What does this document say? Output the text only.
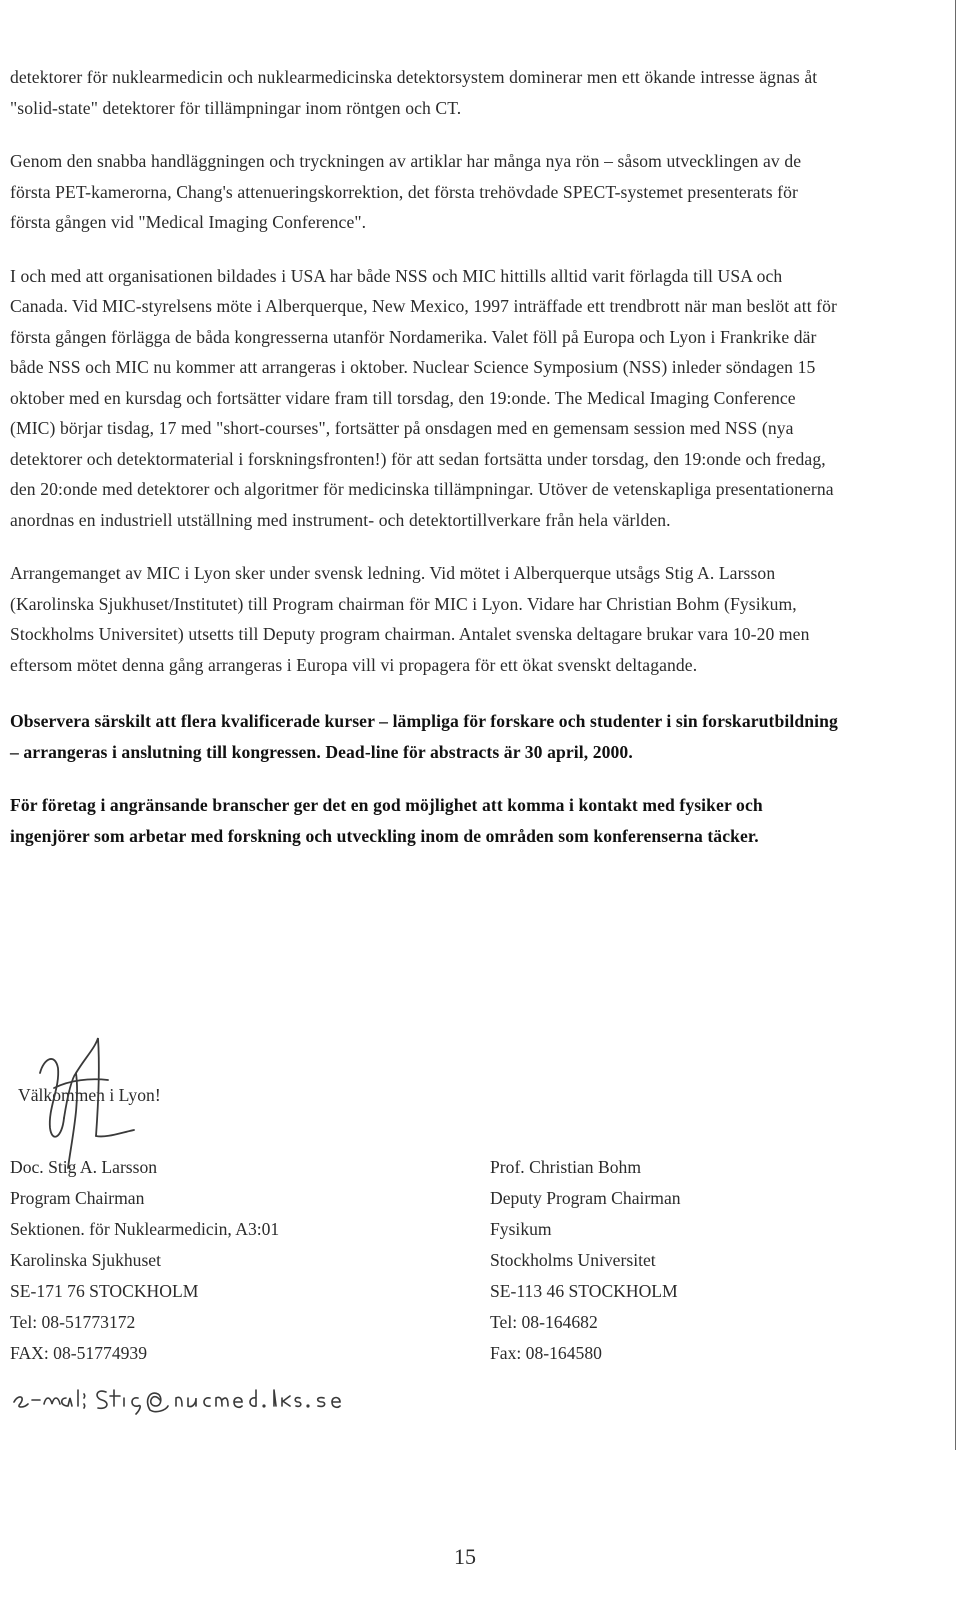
detektorer för nuklearmedicin och nuklearmedicinska detektorsystem dominerar men ett ökande intresse ägnas åt "solid-state" detektorer för tillämpningar inom röntgen och CT.

Genom den snabba handläggningen och tryckningen av artiklar har många nya rön – såsom utvecklingen av de första PET-kamerorna, Chang's attenueringskorrektion, det första trehövdade SPECT-systemet presenterats för första gången vid "Medical Imaging Conference".

I och med att organisationen bildades i USA har både NSS och MIC hittills alltid varit förlagda till USA och Canada. Vid MIC-styrelsens möte i Alberquerque, New Mexico, 1997 inträffade ett trendbrott när man beslöt att för första gången förlägga de båda kongresserna utanför Nordamerika. Valet föll på Europa och Lyon i Frankrike där både NSS och MIC nu kommer att arrangeras i oktober. Nuclear Science Symposium (NSS) inleder söndagen 15 oktober med en kursdag och fortsätter vidare fram till torsdag, den 19:onde. The Medical Imaging Conference (MIC) börjar tisdag, 17 med "short-courses", fortsätter på onsdagen med en gemensam session med NSS (nya detektorer och detektormaterial i forskningsfronten!) för att sedan fortsätta under torsdag, den 19:onde och fredag, den 20:onde med detektorer och algoritmer för medicinska tillämpningar. Utöver de vetenskapliga presentationerna anordnas en industriell utställning med instrument- och detektortillverkare från hela världen.

Arrangemanget av MIC i Lyon sker under svensk ledning. Vid mötet i Alberquerque utsågs Stig A. Larsson (Karolinska Sjukhuset/Institutet) till Program chairman för MIC i Lyon. Vidare har Christian Bohm (Fysikum, Stockholms Universitet) utsetts till Deputy program chairman. Antalet svenska deltagare brukar vara 10-20 men eftersom mötet denna gång arrangeras i Europa vill vi propagera för ett ökat svenskt deltagande.

Observera särskilt att flera kvalificerade kurser – lämpliga för forskare och studenter i sin forskarutbildning – arrangeras i anslutning till kongressen. Dead-line för abstracts är 30 april, 2000.

För företag i angränsande branscher ger det en god möjlighet att komma i kontakt med fysiker och ingenjörer som arbetar med forskning och utveckling inom de områden som konferenserna täcker.

Välkommen i Lyon!
Doc. Stig A. Larsson
Program Chairman
Sektionen. för Nuklearmedicin, A3:01
Karolinska Sjukhuset
SE-171 76 STOCKHOLM
Tel: 08-51773172
FAX: 08-51774939
Prof. Christian Bohm
Deputy Program Chairman
Fysikum
Stockholms Universitet
SE-113 46 STOCKHOLM
Tel: 08-164682
Fax: 08-164580
15
